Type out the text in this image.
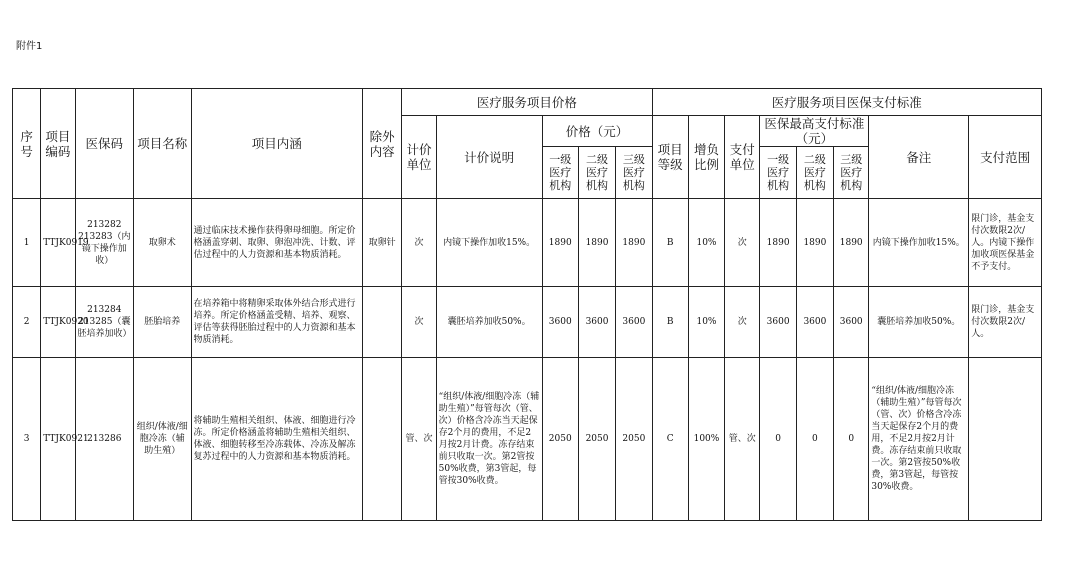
附件1
序号	项目编码	医保码	项目名称	项目内涵	除外内容	医疗服务项目价格					医疗服务项目医保支付标准							
						计价单位	计价说明	价格（元）			项目等级	增负比例	支付单位	医保最高支付标准（元）			备注	支付范围
								一级医疗机构	二级医疗机构	三级医疗机构				一级医疗机构	二级医疗机构	三级医疗机构		
1	TTJK0919	213282 213283（内镜下操作加收）	取卵术	通过临床技术操作获得卵母细胞。所定价格涵盖穿刺、取卵、卵泡冲洗、计数、评估过程中的人力资源和基本物质消耗。	取卵针	次	内镜下操作加收15%。	1890	1890	1890	B	10%	次	1890	1890	1890	内镜下操作加收15%。	限门诊，基金支付次数限2次/人。内镜下操作加收项医保基金不予支付。
2	TTJK0920	213284 213285（囊胚培养加收）	胚胎培养	在培养箱中将精卵采取体外结合形式进行培养。所定价格涵盖受精、培养、观察、评估等获得胚胎过程中的人力资源和基本物质消耗。		次	囊胚培养加收50%。	3600	3600	3600	B	10%	次	3600	3600	3600	囊胚培养加收50%。	限门诊，基金支付次数限2次/人。
3	TTJK0921	213286	组织/体液/细胞冷冻（辅助生殖）	将辅助生殖相关组织、体液、细胞进行冷冻。所定价格涵盖将辅助生殖相关组织、体液、细胞转移至冷冻载体、冷冻及解冻复苏过程中的人力资源和基本物质消耗。		管、次	“组织/体液/细胞冷冻（辅助生殖）”每管每次（管、次）价格含冷冻当天起保存2个月的费用，不足2月按2月计费。冻存结束前只收取一次。第2管按50%收费，第3管起，每管按30%收费。	2050	2050	2050	C	100%	管、次	0	0	0	“组织/体液/细胞冷冻（辅助生殖）”每管每次（管、次）价格含冷冻当天起保存2个月的费用，不足2月按2月计费。冻存结束前只收取一次。第2管按50%收费，第3管起，每管按30%收费。	
